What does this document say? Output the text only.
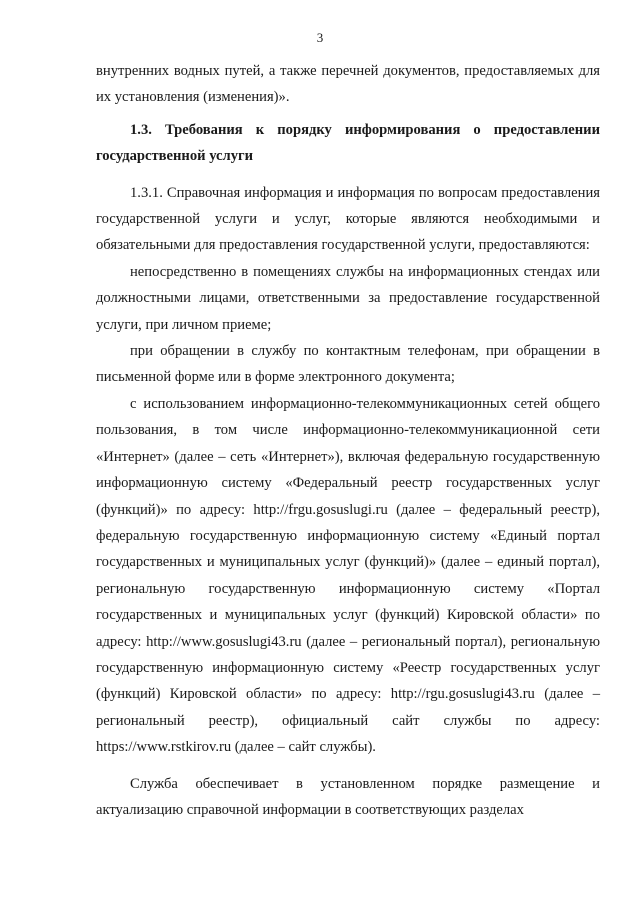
3

внутренних водных путей, а также перечней документов, предоставляемых для их установления (изменения)».

1.3. Требования к порядку информирования о предоставлении государственной услуги

1.3.1. Справочная информация и информация по вопросам предоставления государственной услуги и услуг, которые являются необходимыми и обязательными для предоставления государственной услуги, предоставляются:

непосредственно в помещениях службы на информационных стендах или должностными лицами, ответственными за предоставление государственной услуги, при личном приеме;

при обращении в службу по контактным телефонам, при обращении в письменной форме или в форме электронного документа;

с использованием информационно-телекоммуникационных сетей общего пользования, в том числе информационно-телекоммуникационной сети «Интернет» (далее – сеть «Интернет»), включая федеральную государственную информационную систему «Федеральный реестр государственных услуг (функций)» по адресу: http://frgu.gosuslugi.ru (далее – федеральный реестр), федеральную государственную информационную систему «Единый портал государственных и муниципальных услуг (функций)» (далее – единый портал), региональную государственную информационную систему «Портал государственных и муниципальных услуг (функций) Кировской области» по адресу: http://www.gosuslugi43.ru (далее – региональный портал), региональную государственную информационную систему «Реестр государственных услуг (функций) Кировской области» по адресу: http://rgu.gosuslugi43.ru (далее – региональный реестр), официальный сайт службы по адресу: https://www.rstkirov.ru (далее – сайт службы).

Служба обеспечивает в установленном порядке размещение и актуализацию справочной информации в соответствующих разделах
